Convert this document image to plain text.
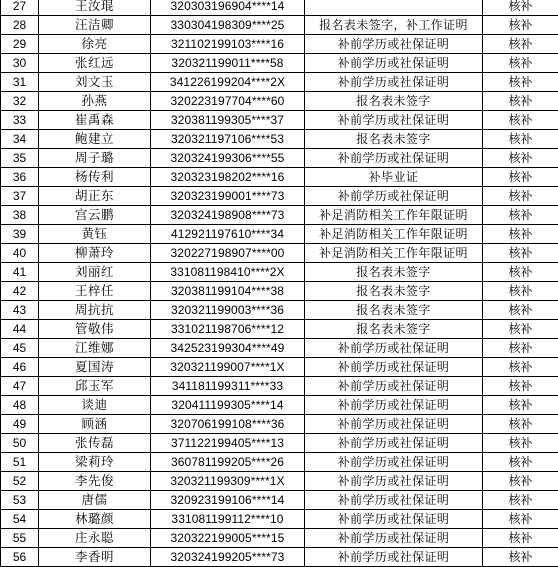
27	王汝琨	320303196904****14		核补
28	汪洁卿	330304198309****25	报名表未签字，补工作证明	核补
29	徐亮	321102199103****16	补前学历或社保证明	核补
30	张红远	320321199011****58	补前学历或社保证明	核补
31	刘文玉	341226199204****2X	补前学历或社保证明	核补
32	孙燕	320223197704****60	报名表未签字	核补
33	崔禹森	320381199305****37	补前学历或社保证明	核补
34	鲍建立	320321197106****53	报名表未签字	核补
35	周子璐	320324199306****55	补前学历或社保证明	核补
36	杨传利	320323198202****16	补毕业证	核补
37	胡正东	320323199001****73	补前学历或社保证明	核补
38	宫云鹏	320324198908****73	补足消防相关工作年限证明	核补
39	黄钰	412921197610****34	补足消防相关工作年限证明	核补
40	柳萧玲	320227198907****00	补足消防相关工作年限证明	核补
41	刘丽红	331081198410****2X	报名表未签字	核补
42	王梓任	320381199104****38	报名表未签字	核补
43	周抗抗	320321199003****36	报名表未签字	核补
44	管敬伟	331021198706****12	报名表未签字	核补
45	江维娜	342523199304****49	补前学历或社保证明	核补
46	夏国涛	320321199007****1X	补前学历或社保证明	核补
47	邱玉军	341181199311****33	补前学历或社保证明	核补
48	谈迪	320411199305****14	补前学历或社保证明	核补
49	顾涵	320706199108****36	补前学历或社保证明	核补
50	张传磊	371122199405****13	补前学历或社保证明	核补
51	梁莉玲	360781199205****26	补前学历或社保证明	核补
52	李先俊	320321199309****1X	补前学历或社保证明	核补
53	唐儒	320923199106****14	补前学历或社保证明	核补
54	林璐颜	331081199112****10	补前学历或社保证明	核补
55	庄永聪	320322199005****15	补前学历或社保证明	核补
56	李香明	320324199205****73	补前学历或社保证明	核补
